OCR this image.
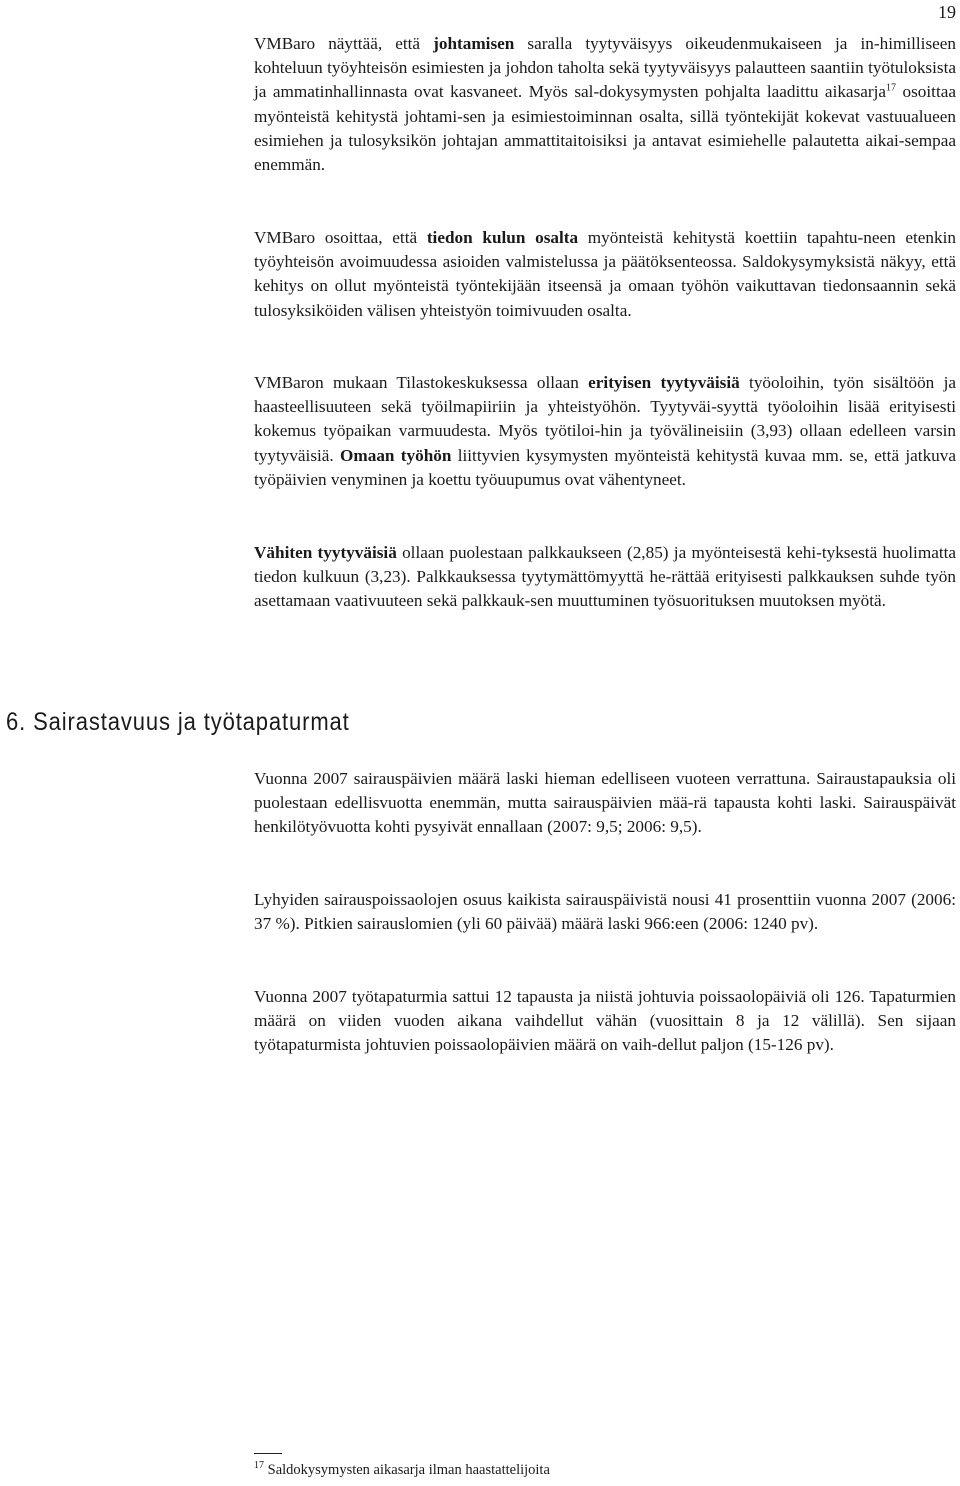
19

VMBaro näyttää, että johtamisen saralla tyytyväisyys oikeudenmukaiseen ja in-himilliseen kohteluun työyhteisön esimiesten ja johdon taholta sekä tyytyväisyys palautteen saantiin työtuloksista ja ammatinhallinnasta ovat kasvaneet. Myös sal-dokysymysten pohjalta laadittu aikasarja$^{17}$ osoittaa myönteistä kehitystä johtami-sen ja esimiestoiminnan osalta, sillä työntekijät kokevat vastuualueen esimiehen ja tulosyksikön johtajan ammattitaitoisiksi ja antavat esimiehelle palautetta aikai-sempaa enemmän.

VMBaro osoittaa, että tiedon kulun osalta myönteistä kehitystä koettiin tapahtu-neen etenkin työyhteisön avoimuudessa asioiden valmistelussa ja päätöksenteossa. Saldokysymyksistä näkyy, että kehitys on ollut myönteistä työntekijään itseensä ja omaan työhön vaikuttavan tiedonsaannin sekä tulosyksiköiden välisen yhteistyön toimivuuden osalta.

VMBaron mukaan Tilastokeskuksessa ollaan erityisen tyytyväisiä työoloihin, työn sisältöön ja haasteellisuuteen sekä työilmapiiriin ja yhteistyöhön. Tyytyväi-syyttä työoloihin lisää erityisesti kokemus työpaikan varmuudesta. Myös työtiloi-hin ja työvälineisiin (3,93) ollaan edelleen varsin tyytyväisiä. Omaan työhön liittyvien kysymysten myönteistä kehitystä kuvaa mm. se, että jatkuva työpäivien venyminen ja koettu työuupumus ovat vähentyneet.

Vähiten tyytyväisiä ollaan puolestaan palkkaukseen (2,85) ja myönteisestä kehi-tyksestä huolimatta tiedon kulkuun (3,23). Palkkauksessa tyytymättömyyttä he-rättää erityisesti palkkauksen suhde työn asettamaan vaativuuteen sekä palkkauk-sen muuttuminen työsuorituksen muutoksen myötä.

6. Sairastavuus ja työtapaturmat

Vuonna 2007 sairauspäivien määrä laski hieman edelliseen vuoteen verrattuna. Sairaustapauksia oli puolestaan edellisvuotta enemmän, mutta sairauspäivien mää-rä tapausta kohti laski. Sairauspäivät henkilötyövuotta kohti pysyivät ennallaan (2007: 9,5; 2006: 9,5).

Lyhyiden sairauspoissaolojen osuus kaikista sairauspäivistä nousi 41 prosenttiin vuonna 2007 (2006: 37 %). Pitkien sairauslomien (yli 60 päivää) määrä laski 966:een (2006: 1240 pv).

Vuonna 2007 työtapaturmia sattui 12 tapausta ja niistä johtuvia poissaolopäiviä oli 126. Tapaturmien määrä on viiden vuoden aikana vaihdellut vähän (vuosittain 8 ja 12 välillä). Sen sijaan työtapaturmista johtuvien poissaolopäivien määrä on vaih-dellut paljon (15-126 pv).

$^{17}$ Saldokysymysten aikasarja ilman haastattelijoita
